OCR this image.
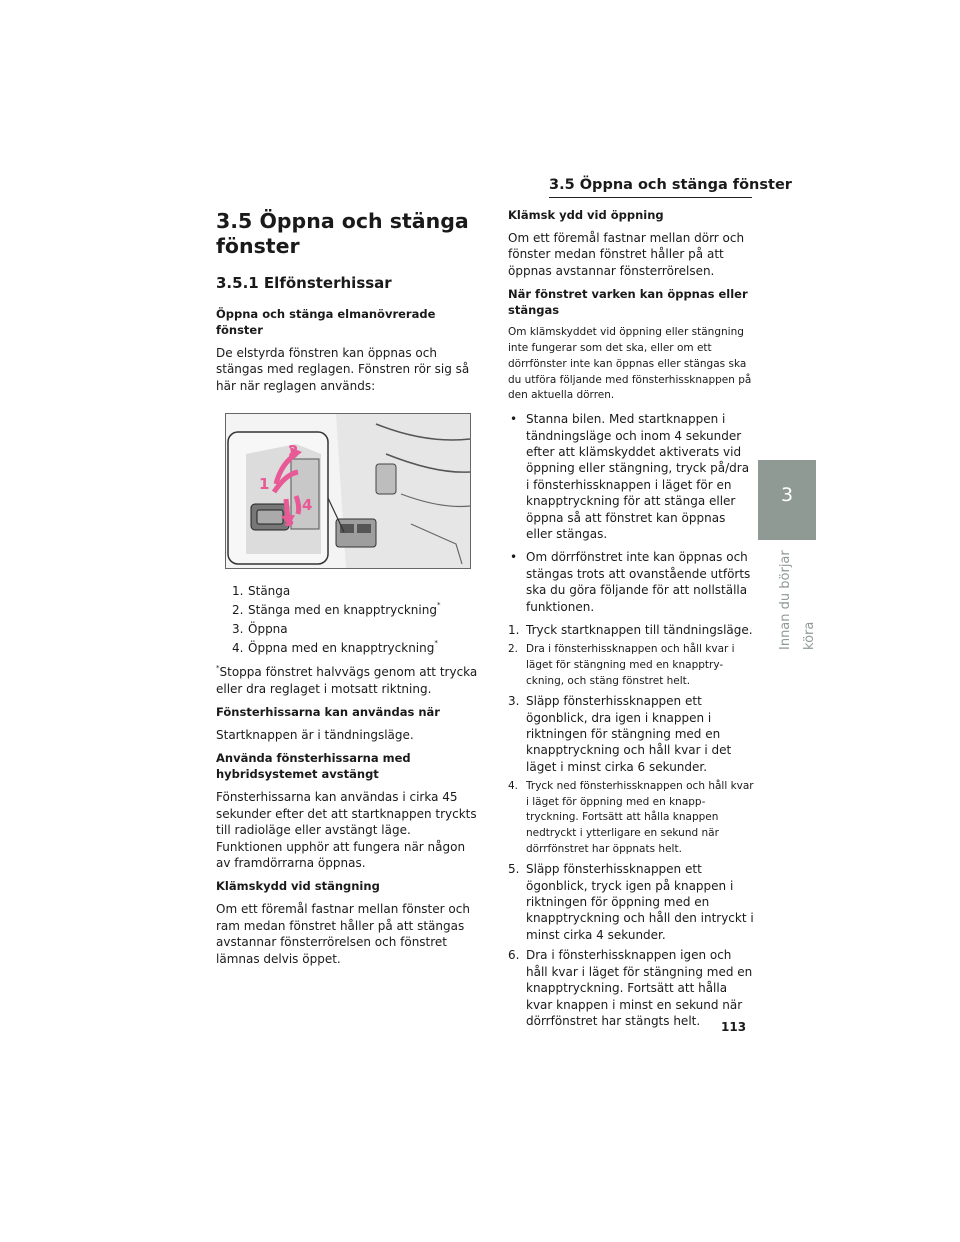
3.5 Öppna och stänga fönster
3
Innan du börjar köra
3.5 Öppna och stänga fönster
3.5.1 Elfönsterhissar
Öppna och stänga elmanövrerade fönster

De elstyrda fönstren kan öppnas och stängas med reglagen. Fönstren rör sig så här när reglagen används:

2
1
3
4
1. Stänga
2. Stänga med en knapptryckning*
3. Öppna
4. Öppna med en knapptryckning*

*Stoppa fönstret halvvägs genom att trycka eller dra reglaget i motsatt riktning.

Fönsterhissarna kan användas när

Startknappen är i tändningsläge.

Använda fönsterhissarna med hybridsystemet avstängt

Fönsterhissarna kan användas i cirka 45 sekunder efter det att startknappen tryckts till radioläge eller avstängt läge. Funktionen upphör att fungera när någon av framdörrarna öppnas.

Klämskydd vid stängning

Om ett föremål fastnar mellan fönster och ram medan fönstret håller på att stängas avstannar fönsterrörelsen och fönstret lämnas delvis öppet.

Klämsk ydd vid öppning

Om ett föremål fastnar mellan dörr och fönster medan fönstret håller på att öppnas avstannar fönsterrörelsen.

När fönstret varken kan öppnas eller stängas

Om klämskyddet vid öppning eller stängning inte fungerar som det ska, eller om ett dörrfönster inte kan öppnas eller stängas ska du utföra följande med fönsterhissknappen på den aktuella dörren.

• Stanna bilen. Med startknappen i tändningsläge och inom 4 sekunder efter att klämskyddet aktiverats vid öppning eller stängning, tryck på/dra i fönsterhissknappen i läget för en knapptryckning för att stänga eller öppna så att fönstret kan öppnas eller stängas.
• Om dörrfönstret inte kan öppnas och stängas trots att ovanstående utförts ska du göra följande för att nollställa funktionen.
1. Tryck startknappen till tändningsläge.
2. Dra i fönsterhissknappen och håll kvar i läget för stängning med en knapptry-ckning, och stäng fönstret helt.
3. Släpp fönsterhissknappen ett ögonblick, dra igen i knappen i riktningen för stängning med en knapptryckning och håll kvar i det läget i minst cirka 6 sekunder.
4. Tryck ned fönsterhissknappen och håll kvar i läget för öppning med en knapp-tryckning. Fortsätt att hålla knappen nedtryckt i ytterligare en sekund när dörrfönstret har öppnats helt.
5. Släpp fönsterhissknappen ett ögonblick, tryck igen på knappen i riktningen för öppning med en knapptryckning och håll den intryckt i minst cirka 4 sekunder.
6. Dra i fönsterhissknappen igen och håll kvar i läget för stängning med en knapptryckning. Fortsätt att hålla kvar knappen i minst en sekund när dörrfönstret har stängts helt.	113
